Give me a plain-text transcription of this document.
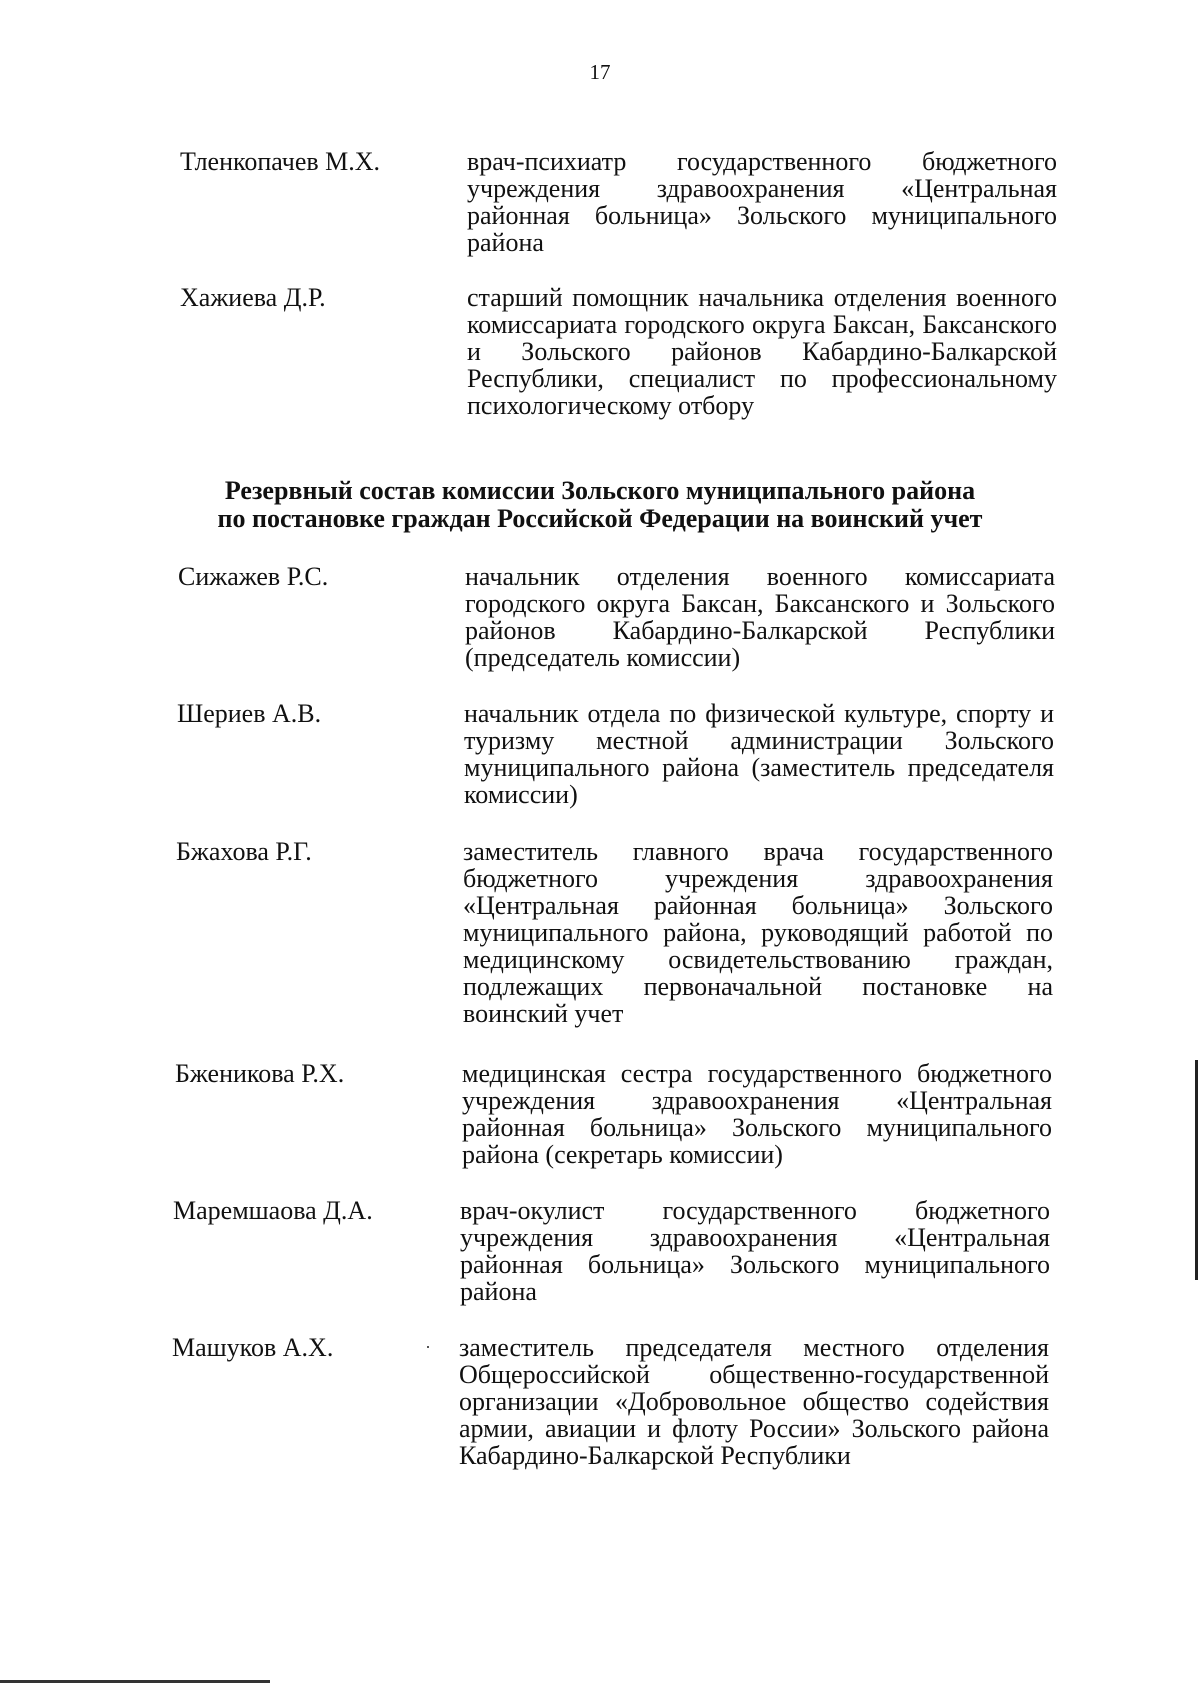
17
Тленкопачев М.Х.	врач-психиатр государственного бюджетного учреждения здравоохранения «Центральная районная больница» Зольского муниципального района
Хажиева Д.Р.	старший помощник начальника отделения военного комиссариата городского округа Баксан, Баксанского и Зольского районов Кабардино-Балкарской Республики, специалист по профессиональному психологическому отбору
Резервный состав комиссии Зольского муниципального района
по постановке граждан Российской Федерации на воинский учет
Сижажев Р.С.	начальник отделения военного комиссариата городского округа Баксан, Баксанского и Зольского районов Кабардино-Балкарской Республики (председатель комиссии)
Шериев А.В.	начальник отдела по физической культуре, спорту и туризму местной администрации Зольского муниципального района (заместитель председателя комиссии)
Бжахова Р.Г.	заместитель главного врача государственного бюджетного учреждения здравоохранения «Центральная районная больница» Зольского муниципального района, руководящий работой по медицинскому освидетельствованию граждан, подлежащих первоначальной постановке на воинский учет
Бженикова Р.Х.	медицинская сестра государственного бюджетного учреждения здравоохранения «Центральная районная больница» Зольского муниципального района (секретарь комиссии)
Маремшаова Д.А.	врач-окулист государственного бюджетного учреждения здравоохранения «Центральная районная больница» Зольского муниципального района
Машуков А.Х.	заместитель председателя местного отделения Общероссийской общественно-государственной организации «Добровольное общество содействия армии, авиации и флоту России» Зольского района Кабардино-Балкарской Республики
